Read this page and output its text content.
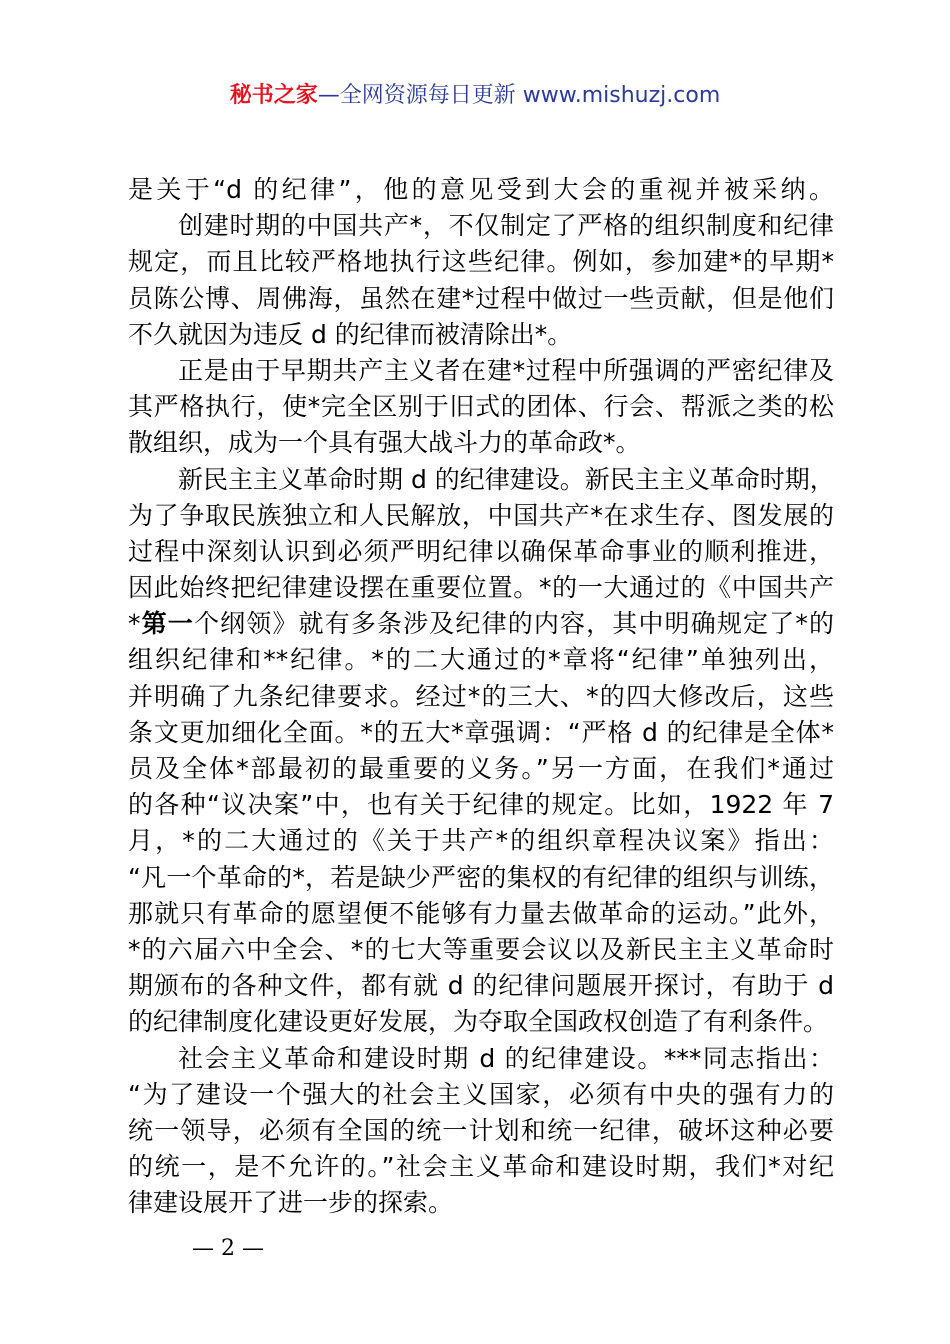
秘书之家—全网资源每日更新 www.mishuzj.com
是关于“d 的纪律”，他的意见受到大会的重视并被采纳。
创建时期的中国共产*，不仅制定了严格的组织制度和纪律
规定，而且比较严格地执行这些纪律。例如，参加建*的早期*
员陈公博、周佛海，虽然在建*过程中做过一些贡献，但是他们
不久就因为违反 d 的纪律而被清除出*。
正是由于早期共产主义者在建*过程中所强调的严密纪律及
其严格执行，使*完全区别于旧式的团体、行会、帮派之类的松
散组织，成为一个具有强大战斗力的革命政*。
新民主主义革命时期 d 的纪律建设。新民主主义革命时期，
为了争取民族独立和人民解放，中国共产*在求生存、图发展的
过程中深刻认识到必须严明纪律以确保革命事业的顺利推进，
因此始终把纪律建设摆在重要位置。*的一大通过的《中国共产
*第一个纲领》就有多条涉及纪律的内容，其中明确规定了*的
组织纪律和**纪律。*的二大通过的*章将“纪律”单独列出，
并明确了九条纪律要求。经过*的三大、*的四大修改后，这些
条文更加细化全面。*的五大*章强调：“严格 d 的纪律是全体*
员及全体*部最初的最重要的义务。”另一方面，在我们*通过
的各种“议决案”中，也有关于纪律的规定。比如，1922 年 7
月，*的二大通过的《关于共产*的组织章程决议案》指出：
“凡一个革命的*，若是缺少严密的集权的有纪律的组织与训练，
那就只有革命的愿望便不能够有力量去做革命的运动。”此外，
*的六届六中全会、*的七大等重要会议以及新民主主义革命时
期颁布的各种文件，都有就 d 的纪律问题展开探讨，有助于 d
的纪律制度化建设更好发展，为夺取全国政权创造了有利条件。
社会主义革命和建设时期 d 的纪律建设。***同志指出：
“为了建设一个强大的社会主义国家，必须有中央的强有力的
统一领导，必须有全国的统一计划和统一纪律，破坏这种必要
的统一，是不允许的。”社会主义革命和建设时期，我们*对纪
律建设展开了进一步的探索。
— 2 —
